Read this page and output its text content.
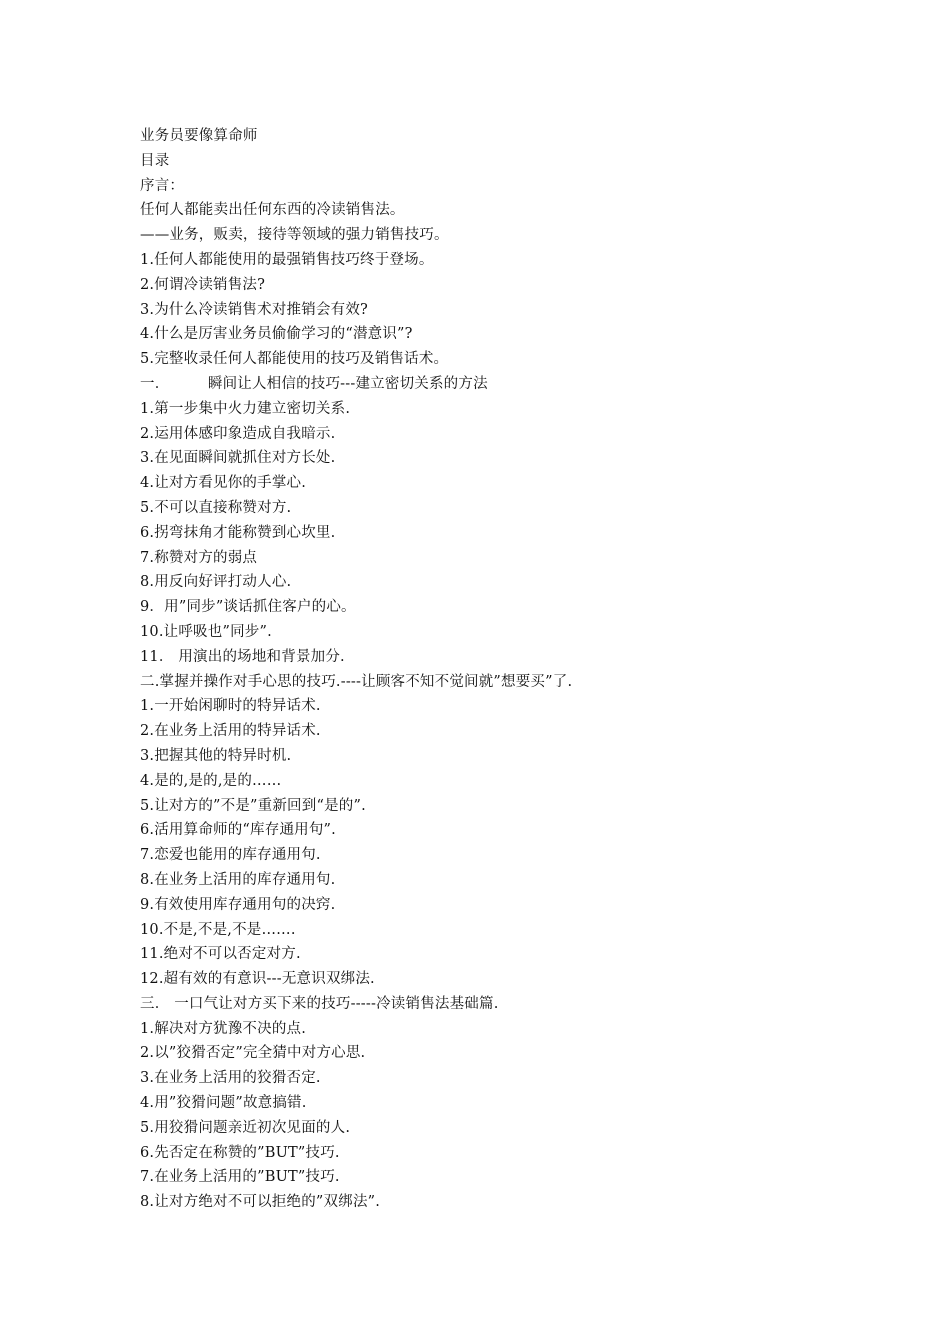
业务员要像算命师
目录
序言：
任何人都能卖出任何东西的冷读销售法。
——业务，贩卖，接待等领域的强力销售技巧。
1.任何人都能使用的最强销售技巧终于登场。
2.何谓冷读销售法?
3.为什么冷读销售术对推销会有效?
4.什么是厉害业务员偷偷学习的“潜意识”?
5.完整收录任何人都能使用的技巧及销售话术。
一．        瞬间让人相信的技巧---建立密切关系的方法
1.第一步集中火力建立密切关系.
2.运用体感印象造成自我暗示.
3.在见面瞬间就抓住对方长处.
4.让对方看见你的手掌心.
5.不可以直接称赞对方.
6.拐弯抹角才能称赞到心坎里.
7.称赞对方的弱点
8.用反向好评打动人心.
9．用”同步”谈话抓住客户的心。
10.让呼吸也”同步”.
11． 用演出的场地和背景加分.
二.掌握并操作对手心思的技巧.----让顾客不知不觉间就”想要买”了.
1.一开始闲聊时的特异话术.
2.在业务上活用的特异话术.
3.把握其他的特异时机.
4.是的,是的,是的……
5.让对方的”不是”重新回到“是的”.
6.活用算命师的“库存通用句”.
7.恋爱也能用的库存通用句.
8.在业务上活用的库存通用句.
9.有效使用库存通用句的决窍.
10.不是,不是,不是…….
11.绝对不可以否定对方.
12.超有效的有意识---无意识双绑法.
三． 一口气让对方买下来的技巧-----冷读销售法基础篇.
1.解决对方犹豫不决的点.
2.以”狡猾否定”完全猜中对方心思.
3.在业务上活用的狡猾否定.
4.用”狡猾问题”故意搞错.
5.用狡猾问题亲近初次见面的人.
6.先否定在称赞的”BUT”技巧.
7.在业务上活用的”BUT”技巧.
8.让对方绝对不可以拒绝的”双绑法”.
